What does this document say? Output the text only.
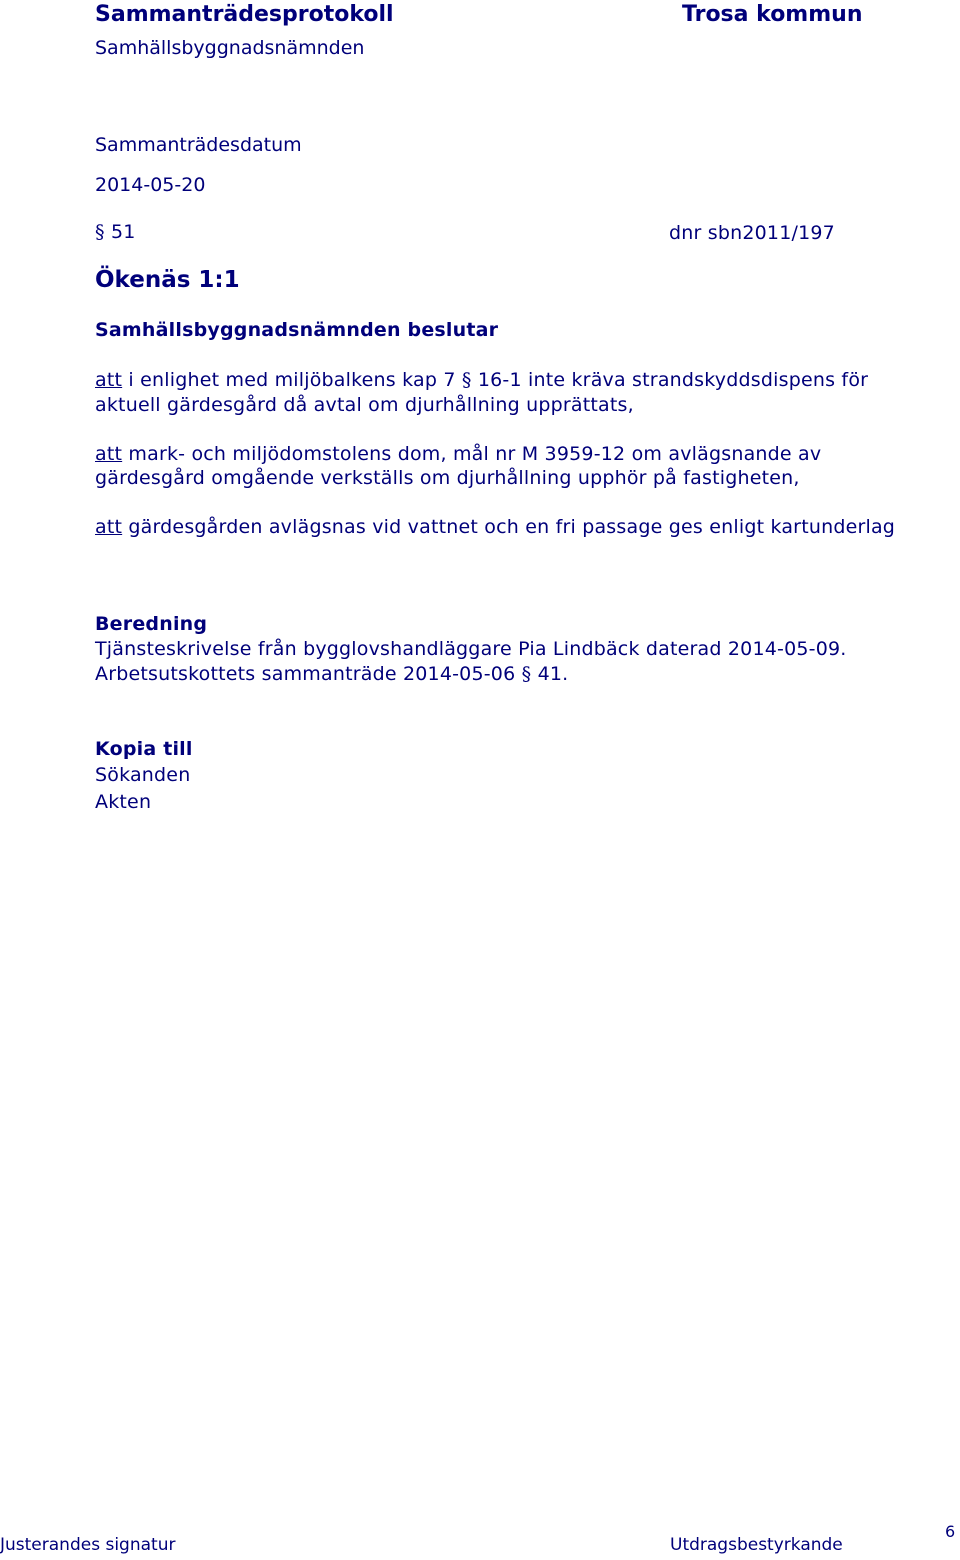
Sammanträdesprotokoll	Trosa kommun
Samhällsbyggnadsnämnden
Sammanträdesdatum
2014-05-20
§ 51	dnr sbn2011/197
Ökenäs 1:1
Samhällsbyggnadsnämnden beslutar
att i enlighet med miljöbalkens kap 7 § 16-1 inte kräva strandskyddsdispens för
aktuell gärdesgård då avtal om djurhållning upprättats,
att mark- och miljödomstolens dom, mål nr M 3959-12 om avlägsnande av
gärdesgård omgående verkställs om djurhållning upphör på fastigheten,
att gärdesgården avlägsnas vid vattnet och en fri passage ges enligt kartunderlag
Beredning
Tjänsteskrivelse från bygglovshandläggare Pia Lindbäck daterad 2014-05-09.
Arbetsutskottets sammanträde 2014-05-06 § 41.
Kopia till
Sökanden
Akten
Justerandes signatur	Utdragsbestyrkande
6
